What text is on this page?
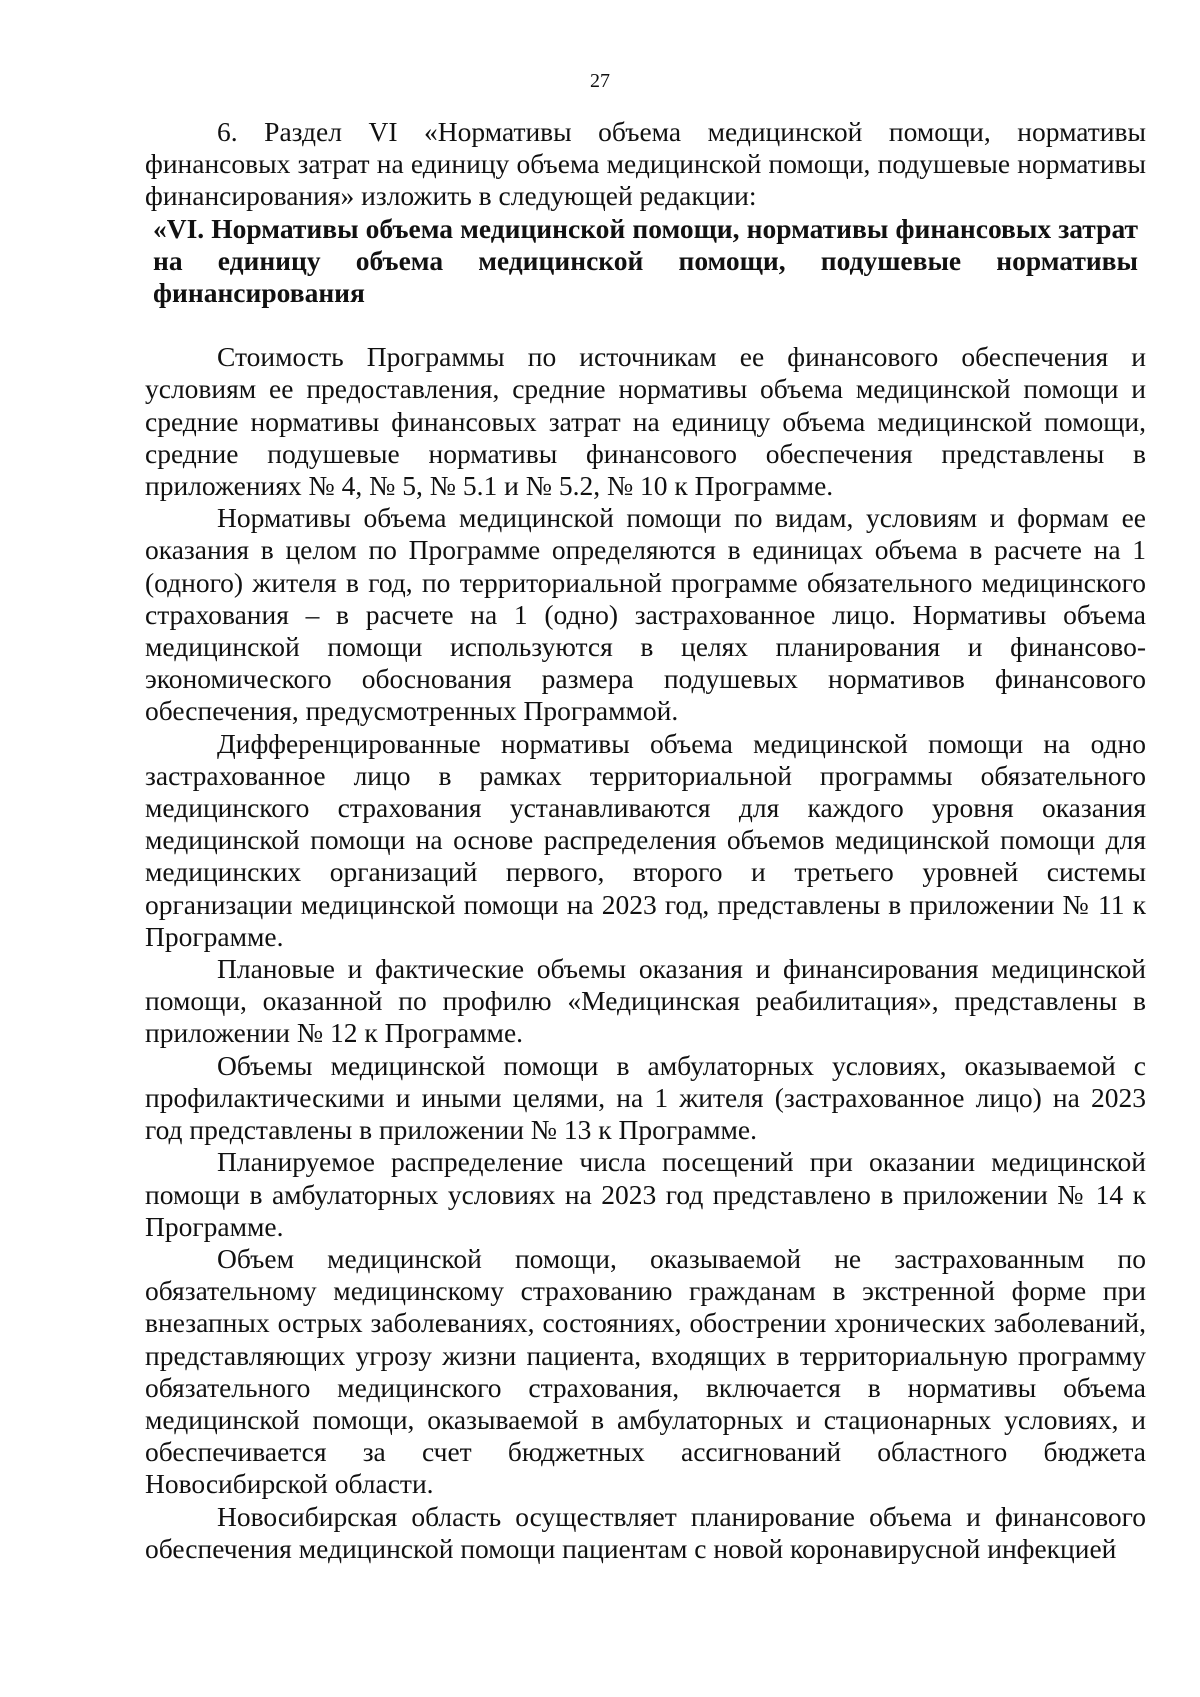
27

6. Раздел VI «Нормативы объема медицинской помощи, нормативы финансовых затрат на единицу объема медицинской помощи, подушевые нормативы финансирования» изложить в следующей редакции:

«VI. Нормативы объема медицинской помощи, нормативы финансовых затрат на единицу объема медицинской помощи, подушевые нормативы финансирования

Стоимость Программы по источникам ее финансового обеспечения и условиям ее предоставления, средние нормативы объема медицинской помощи и средние нормативы финансовых затрат на единицу объема медицинской помощи, средние подушевые нормативы финансового обеспечения представлены в приложениях № 4, № 5, № 5.1 и № 5.2, № 10 к Программе.

Нормативы объема медицинской помощи по видам, условиям и формам ее оказания в целом по Программе определяются в единицах объема в расчете на 1 (одного) жителя в год, по территориальной программе обязательного медицинского страхования – в расчете на 1 (одно) застрахованное лицо. Нормативы объема медицинской помощи используются в целях планирования и финансово-экономического обоснования размера подушевых нормативов финансового обеспечения, предусмотренных Программой.

Дифференцированные нормативы объема медицинской помощи на одно застрахованное лицо в рамках территориальной программы обязательного медицинского страхования устанавливаются для каждого уровня оказания медицинской помощи на основе распределения объемов медицинской помощи для медицинских организаций первого, второго и третьего уровней системы организации медицинской помощи на 2023 год, представлены в приложении № 11 к Программе.

Плановые и фактические объемы оказания и финансирования медицинской помощи, оказанной по профилю «Медицинская реабилитация», представлены в приложении № 12 к Программе.

Объемы медицинской помощи в амбулаторных условиях, оказываемой с профилактическими и иными целями, на 1 жителя (застрахованное лицо) на 2023 год представлены в приложении № 13 к Программе.

Планируемое распределение числа посещений при оказании медицинской помощи в амбулаторных условиях на 2023 год представлено в приложении № 14 к Программе.

Объем медицинской помощи, оказываемой не застрахованным по обязательному медицинскому страхованию гражданам в экстренной форме при внезапных острых заболеваниях, состояниях, обострении хронических заболеваний, представляющих угрозу жизни пациента, входящих в территориальную программу обязательного медицинского страхования, включается в нормативы объема медицинской помощи, оказываемой в амбулаторных и стационарных условиях, и обеспечивается за счет бюджетных ассигнований областного бюджета Новосибирской области.

Новосибирская область осуществляет планирование объема и финансового обеспечения медицинской помощи пациентам с новой коронавирусной инфекцией
